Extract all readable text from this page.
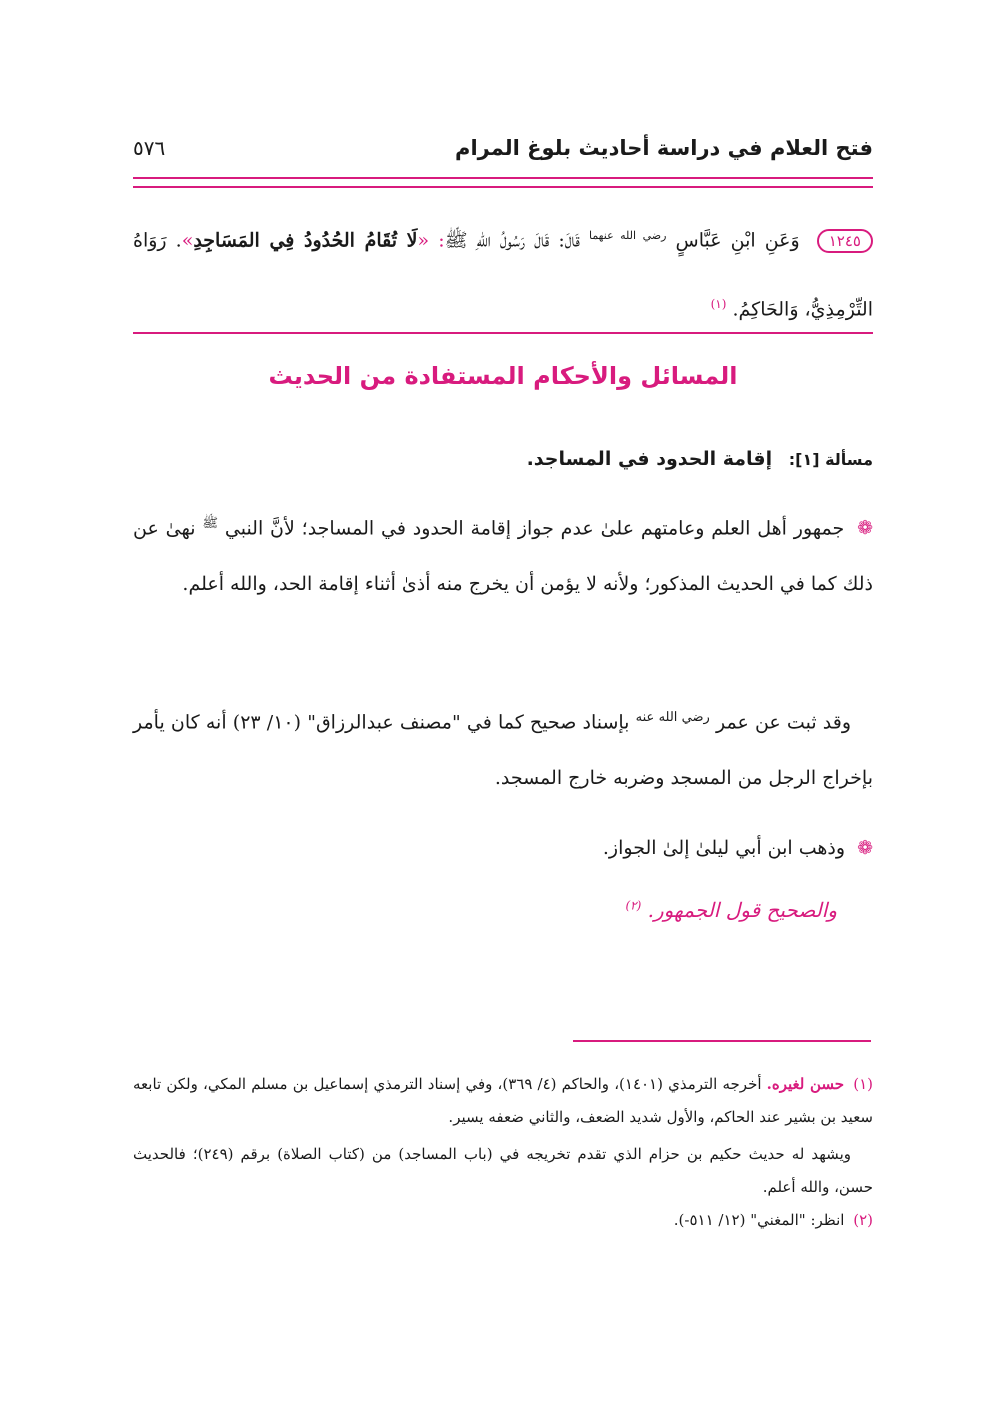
فتح العلام في دراسة أحاديث بلوغ المرام
٥٧٦
١٢٤٥ وَعَنِ ابْنِ عَبَّاسٍ $^{رضي الله عنهما}$ قَالَ: قَالَ رَسُولُ اللهِ ﷺ: «لَا تُقَامُ الحُدُودُ فِي المَسَاجِدِ». رَوَاهُ التِّرْمِذِيُّ، وَالحَاكِمُ. $^{(١)}$
المسائل والأحكام المستفادة من الحديث
مسألة [١]: إقامة الحدود في المساجد.
❁ جمهور أهل العلم وعامتهم علىٰ عدم جواز إقامة الحدود في المساجد؛ لأنَّ النبي $^ﷺ$ نهىٰ عن ذلك كما في الحديث المذكور؛ ولأنه لا يؤمن أن يخرج منه أذىٰ أثناء إقامة الحد، والله أعلم.
وقد ثبت عن عمر $^{رضي الله عنه}$ بإسناد صحيح كما في "مصنف عبدالرزاق" (١٠/ ٢٣) أنه كان يأمر بإخراج الرجل من المسجد وضربه خارج المسجد.
❁ وذهب ابن أبي ليلىٰ إلىٰ الجواز.
والصحيح قول الجمهور. $^{(٢)}$
(١) حسن لغيره. أخرجه الترمذي (١٤٠١)، والحاكم (٤/ ٣٦٩)، وفي إسناد الترمذي إسماعيل بن مسلم المكي، ولكن تابعه سعيد بن بشير عند الحاكم، والأول شديد الضعف، والثاني ضعفه يسير.
ويشهد له حديث حكيم بن حزام الذي تقدم تخريجه في (باب المساجد) من (كتاب الصلاة) برقم (٢٤٩)؛ فالحديث حسن، والله أعلم.
(٢) انظر: "المغني" (١٢/ ٥١١-).
